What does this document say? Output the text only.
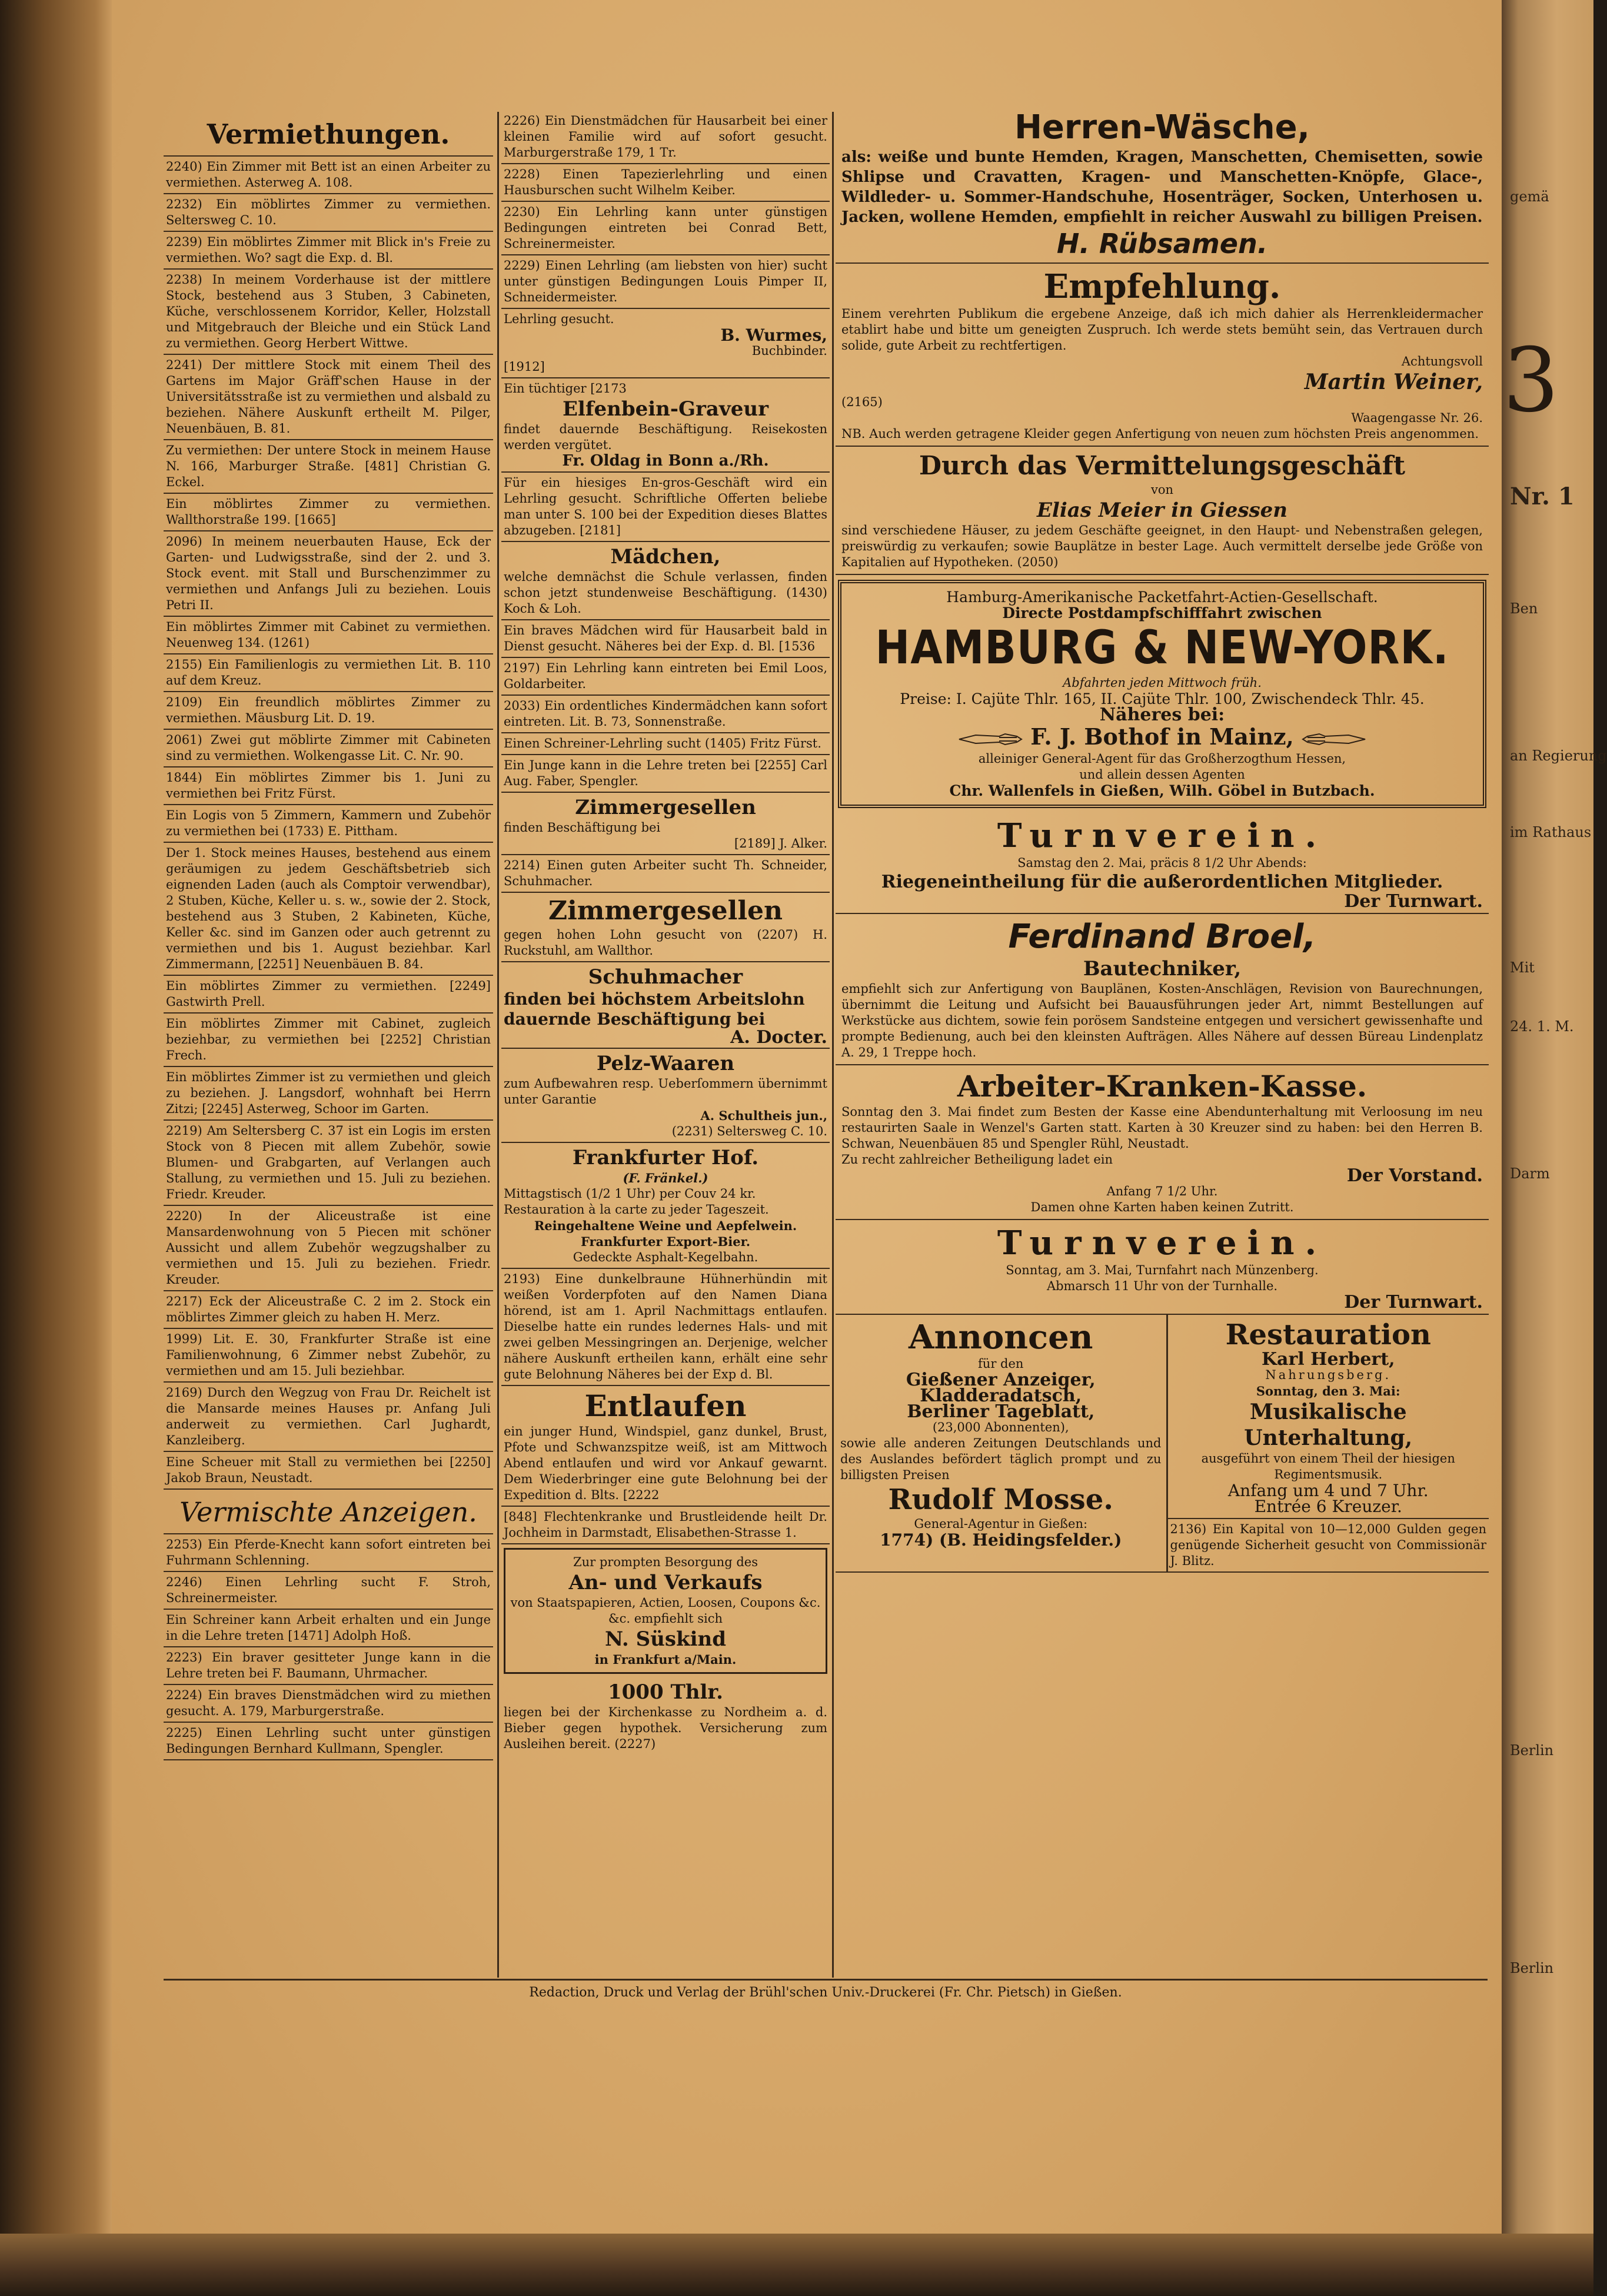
gemä
3
Nr. 1
Ben
an Regierung
im Rathaus
Mit
24. 1. M.
Darm
Berlin
Berlin
Vermiethungen.

2240) Ein Zimmer mit Bett ist an einen Arbeiter zu vermiethen. Asterweg A. 108.

2232) Ein möblirtes Zimmer zu vermiethen. Seltersweg C. 10.

2239) Ein möblirtes Zimmer mit Blick in's Freie zu vermiethen. Wo? sagt die Exp. d. Bl.

2238) In meinem Vorderhause ist der mittlere Stock, bestehend aus 3 Stuben, 3 Cabineten, Küche, verschlossenem Korridor, Keller, Holzstall und Mitgebrauch der Bleiche und ein Stück Land zu vermiethen. Georg Herbert Wittwe.

2241) Der mittlere Stock mit einem Theil des Gartens im Major Gräff'schen Hause in der Universitätsstraße ist zu vermiethen und alsbald zu beziehen. Nähere Auskunft ertheilt M. Pilger, Neuenbäuen, B. 81.

Zu vermiethen: Der untere Stock in meinem Hause N. 166, Marburger Straße. [481] Christian G. Eckel.

Ein möblirtes Zimmer zu vermiethen. Wallthorstraße 199. [1665]

2096) In meinem neuerbauten Hause, Eck der Garten- und Ludwigsstraße, sind der 2. und 3. Stock event. mit Stall und Burschenzimmer zu vermiethen und Anfangs Juli zu beziehen. Louis Petri II.

Ein möblirtes Zimmer mit Cabinet zu vermiethen. Neuenweg 134. (1261)

2155) Ein Familienlogis zu vermiethen Lit. B. 110 auf dem Kreuz.

2109) Ein freundlich möblirtes Zimmer zu vermiethen. Mäusburg Lit. D. 19.

2061) Zwei gut möblirte Zimmer mit Cabineten sind zu vermiethen. Wolkengasse Lit. C. Nr. 90.

1844) Ein möblirtes Zimmer bis 1. Juni zu vermiethen bei Fritz Fürst.

Ein Logis von 5 Zimmern, Kammern und Zubehör zu vermiethen bei (1733) E. Pittham.

Der 1. Stock meines Hauses, bestehend aus einem geräumigen zu jedem Geschäftsbetrieb sich eignenden Laden (auch als Comptoir verwendbar), 2 Stuben, Küche, Keller u. s. w., sowie der 2. Stock, bestehend aus 3 Stuben, 2 Kabineten, Küche, Keller &c. sind im Ganzen oder auch getrennt zu vermiethen und bis 1. August beziehbar. Karl Zimmermann, [2251] Neuenbäuen B. 84.

Ein möblirtes Zimmer zu vermiethen. [2249] Gastwirth Prell.

Ein möblirtes Zimmer mit Cabinet, zugleich beziehbar, zu vermiethen bei [2252] Christian Frech.

Ein möblirtes Zimmer ist zu vermiethen und gleich zu beziehen. J. Langsdorf, wohnhaft bei Herrn Zitzi; [2245] Asterweg, Schoor im Garten.

2219) Am Seltersberg C. 37 ist ein Logis im ersten Stock von 8 Piecen mit allem Zubehör, sowie Blumen- und Grabgarten, auf Verlangen auch Stallung, zu vermiethen und 15. Juli zu beziehen. Friedr. Kreuder.

2220) In der Aliceustraße ist eine Mansardenwohnung von 5 Piecen mit schöner Aussicht und allem Zubehör wegzugshalber zu vermiethen und 15. Juli zu beziehen. Friedr. Kreuder.

2217) Eck der Aliceustraße C. 2 im 2. Stock ein möblirtes Zimmer gleich zu haben H. Merz.

1999) Lit. E. 30, Frankfurter Straße ist eine Familienwohnung, 6 Zimmer nebst Zubehör, zu vermiethen und am 15. Juli beziehbar.

2169) Durch den Wegzug von Frau Dr. Reichelt ist die Mansarde meines Hauses pr. Anfang Juli anderweit zu vermiethen. Carl Jughardt, Kanzleiberg.

Eine Scheuer mit Stall zu vermiethen bei [2250] Jakob Braun, Neustadt.

Vermischte Anzeigen.

2253) Ein Pferde-Knecht kann sofort eintreten bei Fuhrmann Schlenning.

2246) Einen Lehrling sucht F. Stroh, Schreinermeister.

Ein Schreiner kann Arbeit erhalten und ein Junge in die Lehre treten [1471] Adolph Hoß.

2223) Ein braver gesitteter Junge kann in die Lehre treten bei F. Baumann, Uhrmacher.

2224) Ein braves Dienstmädchen wird zu miethen gesucht. A. 179, Marburgerstraße.

2225) Einen Lehrling sucht unter günstigen Bedingungen Bernhard Kullmann, Spengler.

2226) Ein Dienstmädchen für Hausarbeit bei einer kleinen Familie wird auf sofort gesucht. Marburgerstraße 179, 1 Tr.

2228) Einen Tapezierlehrling und einen Hausburschen sucht Wilhelm Keiber.

2230) Ein Lehrling kann unter günstigen Bedingungen eintreten bei Conrad Bett, Schreinermeister.

2229) Einen Lehrling (am liebsten von hier) sucht unter günstigen Bedingungen Louis Pimper II, Schneidermeister.

Lehrling gesucht.

B. Wurmes,

Buchbinder.

[1912]

Ein tüchtiger [2173

Elfenbein-Graveur

findet dauernde Beschäftigung. Reisekosten werden vergütet.

Fr. Oldag in Bonn a./Rh.

Für ein hiesiges En-gros-Geschäft wird ein Lehrling gesucht. Schriftliche Offerten beliebe man unter S. 100 bei der Expedition dieses Blattes abzugeben. [2181]

Mädchen,

welche demnächst die Schule verlassen, finden schon jetzt stundenweise Beschäftigung. (1430) Koch & Loh.

Ein braves Mädchen wird für Hausarbeit bald in Dienst gesucht. Näheres bei der Exp. d. Bl. [1536

2197) Ein Lehrling kann eintreten bei Emil Loos, Goldarbeiter.

2033) Ein ordentliches Kindermädchen kann sofort eintreten. Lit. B. 73, Sonnenstraße.

Einen Schreiner-Lehrling sucht (1405) Fritz Fürst.

Ein Junge kann in die Lehre treten bei [2255] Carl Aug. Faber, Spengler.

Zimmergesellen

finden Beschäftigung bei

[2189] J. Alker.

2214) Einen guten Arbeiter sucht Th. Schneider, Schuhmacher.

Zimmergesellen

gegen hohen Lohn gesucht von (2207) H. Ruckstuhl, am Wallthor.

Schuhmacher

finden bei höchstem Arbeitslohn dauernde Beschäftigung bei

A. Docter.

Pelz-Waaren

zum Aufbewahren resp. Ueberſommern übernimmt unter Garantie

A. Schultheis jun.,

(2231) Seltersweg C. 10.

Frankfurter Hof.

(F. Fränkel.)

Mittagstisch (1/2 1 Uhr) per Couv 24 kr.

Restauration à la carte zu jeder Tageszeit.

Reingehaltene Weine und Aepfelwein.

Frankfurter Export-Bier.

Gedeckte Asphalt-Kegelbahn.

2193) Eine dunkelbraune Hühnerhündin mit weißen Vorderpfoten auf den Namen Diana hörend, ist am 1. April Nachmittags entlaufen. Dieselbe hatte ein rundes ledernes Hals- und mit zwei gelben Messingringen an. Derjenige, welcher nähere Auskunft ertheilen kann, erhält eine sehr gute Belohnung Näheres bei der Exp d. Bl.

Entlaufen

ein junger Hund, Windspiel, ganz dunkel, Brust, Pfote und Schwanzspitze weiß, ist am Mittwoch Abend entlaufen und wird vor Ankauf gewarnt. Dem Wiederbringer eine gute Belohnung bei der Expedition d. Blts. [2222

[848] Flechtenkranke und Brustleidende heilt Dr. Jochheim in Darmstadt, Elisabethen-Strasse 1.

Zur prompten Besorgung des

An- und Verkaufs

von Staatspapieren, Actien, Loosen, Coupons &c. &c. empfiehlt sich

N. Süskind

in Frankfurt a/Main.

1000 Thlr.

liegen bei der Kirchenkasse zu Nordheim a. d. Bieber gegen hypothek. Versicherung zum Ausleihen bereit. (2227)

Herren-Wäsche,

als: weiße und bunte Hemden, Kragen, Manschetten, Chemisetten, sowie Shlipse und Cravatten, Kragen- und Manschetten-Knöpfe, Glace-, Wildleder- u. Sommer-Handschuhe, Hosenträger, Socken, Unterhosen u. Jacken, wollene Hemden, empfiehlt in reicher Auswahl zu billigen Preisen.

H. Rübsamen.

Empfehlung.

Einem verehrten Publikum die ergebene Anzeige, daß ich mich dahier als Herrenkleidermacher etablirt habe und bitte um geneigten Zuspruch. Ich werde stets bemüht sein, das Vertrauen durch solide, gute Arbeit zu rechtfertigen.

Achtungsvoll

Martin Weiner,

(2165)

Waagengasse Nr. 26.

NB. Auch werden getragene Kleider gegen Anfertigung von neuen zum höchsten Preis angenommen.

Durch das Vermittelungsgeschäft

von

Elias Meier in Giessen

sind verschiedene Häuser, zu jedem Geschäfte geeignet, in den Haupt- und Nebenstraßen gelegen, preiswürdig zu verkaufen; sowie Bauplätze in bester Lage. Auch vermittelt derselbe jede Größe von Kapitalien auf Hypotheken. (2050)

Hamburg-Amerikanische Packetfahrt-Actien-Gesellschaft.

Directe Postdampfschifffahrt zwischen

HAMBURG & NEW-YORK.

Abfahrten jeden Mittwoch früh.

Preise: I. Cajüte Thlr. 165, II. Cajüte Thlr. 100, Zwischendeck Thlr. 45.

Näheres bei:

F. J. Bothof in Mainz,

alleiniger General-Agent für das Großherzogthum Hessen,

und allein dessen Agenten

Chr. Wallenfels in Gießen, Wilh. Göbel in Butzbach.

Turnverein.

Samstag den 2. Mai, präcis 8 1/2 Uhr Abends:

Riegeneintheilung für die außerordentlichen Mitglieder.

Der Turnwart.

Ferdinand Broel,

Bautechniker,

empfiehlt sich zur Anfertigung von Bauplänen, Kosten-Anschlägen, Revision von Baurechnungen, übernimmt die Leitung und Aufsicht bei Bauausführungen jeder Art, nimmt Bestellungen auf Werkstücke aus dichtem, sowie fein porösem Sandsteine entgegen und versichert gewissenhafte und prompte Bedienung, auch bei den kleinsten Aufträgen. Alles Nähere auf dessen Büreau Lindenplatz A. 29, 1 Treppe hoch.

Arbeiter-Kranken-Kasse.

Sonntag den 3. Mai findet zum Besten der Kasse eine Abendunterhaltung mit Verloosung im neu restaurirten Saale in Wenzel's Garten statt. Karten à 30 Kreuzer sind zu haben: bei den Herren B. Schwan, Neuenbäuen 85 und Spengler Rühl, Neustadt.

Zu recht zahlreicher Betheiligung ladet ein

Der Vorstand.

Anfang 7 1/2 Uhr.

Damen ohne Karten haben keinen Zutritt.

Turnverein.

Sonntag, am 3. Mai, Turnfahrt nach Münzenberg.

Abmarsch 11 Uhr von der Turnhalle.

Der Turnwart.

Annoncen

für den

Gießener Anzeiger,

Kladderadatsch,

Berliner Tageblatt,

(23,000 Abonnenten),

sowie alle anderen Zeitungen Deutschlands und des Auslandes befördert täglich prompt und zu billigsten Preisen

Rudolf Mosse.

General-Agentur in Gießen:

1774) (B. Heidingsfelder.)

Restauration

Karl Herbert,

Nahrungsberg.

Sonntag, den 3. Mai:

Musikalische Unterhaltung,

ausgeführt von einem Theil der hiesigen Regimentsmusik.

Anfang um 4 und 7 Uhr.

Entrée 6 Kreuzer.

2136) Ein Kapital von 10—12,000 Gulden gegen genügende Sicherheit gesucht von Commissionär J. Blitz.

Redaction, Druck und Verlag der Brühl'schen Univ.-Druckerei (Fr. Chr. Pietsch) in Gießen.
